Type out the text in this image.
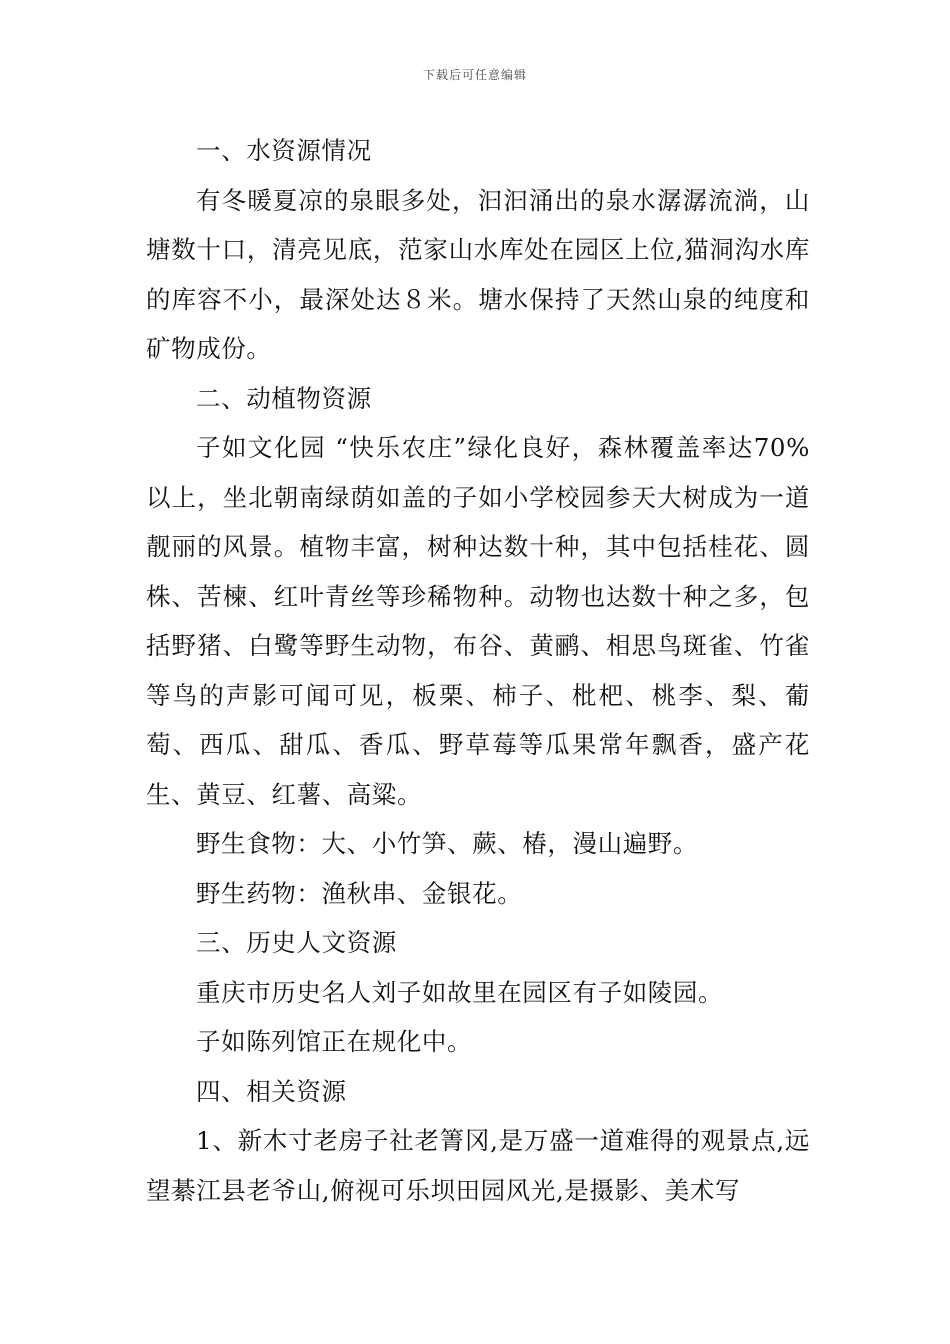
下载后可任意编辑

一、水资源情况

有冬暖夏凉的泉眼多处，汩汩涌出的泉水潺潺流淌，山塘数十口，清亮见底，范家山水库处在园区上位,猫洞沟水库的库容不小，最深处达８米。塘水保持了天然山泉的纯度和矿物成份。

二、动植物资源

子如文化园 “快乐农庄”绿化良好，森林覆盖率达70%以上，坐北朝南绿荫如盖的子如小学校园参天大树成为一道靓丽的风景。植物丰富，树种达数十种，其中包括桂花、圆株、苦楝、红叶青丝等珍稀物种。动物也达数十种之多，包括野猪、白鹭等野生动物，布谷、黄鹂、相思鸟斑雀、竹雀等鸟的声影可闻可见，板栗、柿子、枇杷、桃李、梨、葡萄、西瓜、甜瓜、香瓜、野草莓等瓜果常年飘香，盛产花生、黄豆、红薯、高粱。

野生食物：大、小竹笋、蕨、椿，漫山遍野。

野生药物：渔秋串、金银花。

三、历史人文资源

重庆市历史名人刘子如故里在园区有子如陵园。

子如陈列馆正在规化中。

四、相关资源

1、新木寸老房子社老箐冈,是万盛一道难得的观景点,远望綦江县老爷山,俯视可乐坝田园风光,是摄影、美术写
